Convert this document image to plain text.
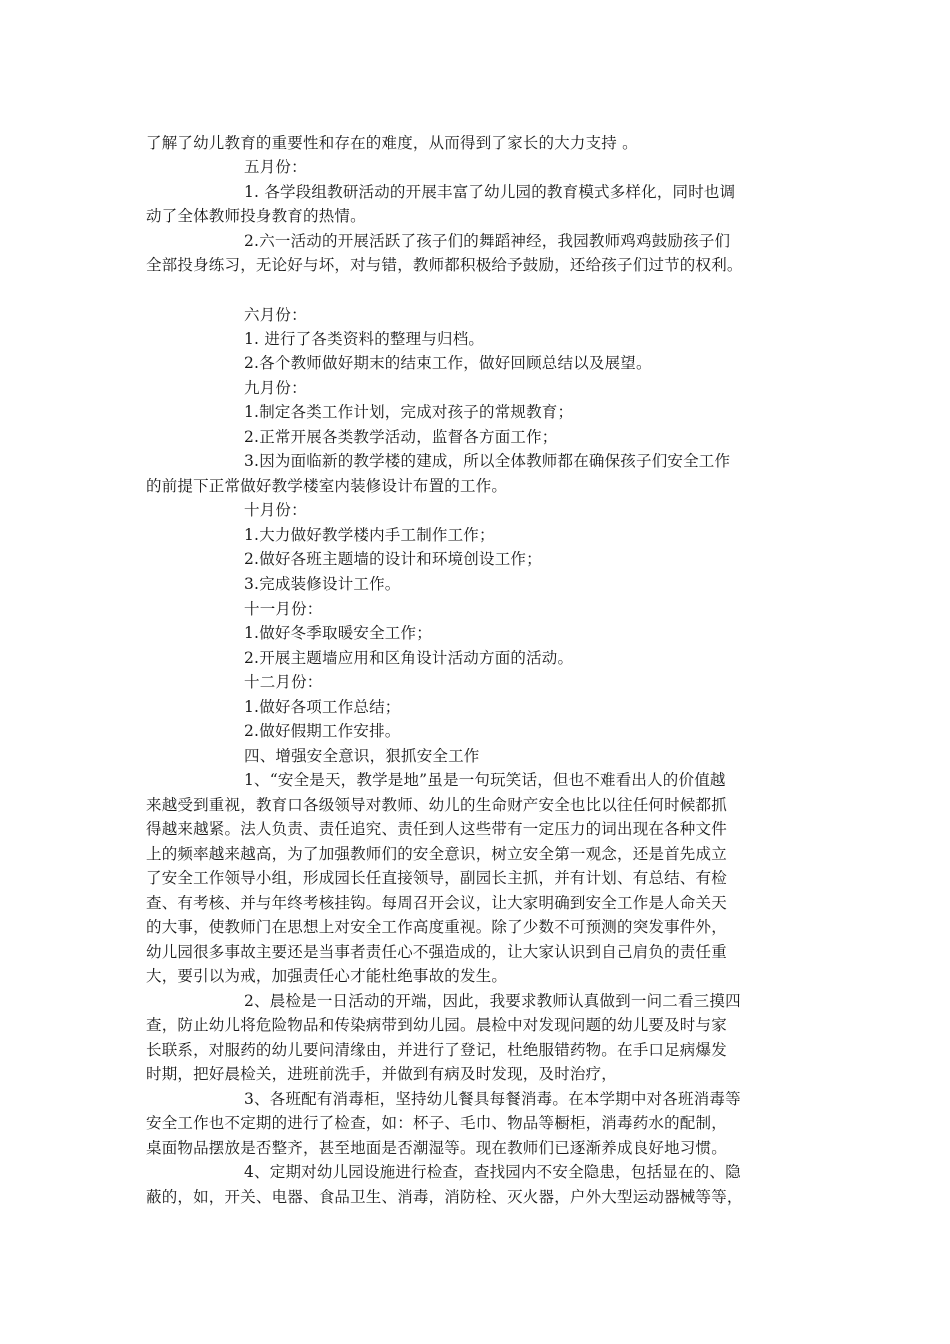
了解了幼儿教育的重要性和存在的难度，从而得到了家长的大力支持 。
五月份：
1. 各学段组教研活动的开展丰富了幼儿园的教育模式多样化，同时也调
动了全体教师投身教育的热情。
2.六一活动的开展活跃了孩子们的舞蹈神经，我园教师鸡鸡鼓励孩子们
全部投身练习，无论好与坏，对与错，教师都积极给予鼓励，还给孩子们过节的权利。
六月份：
1. 进行了各类资料的整理与归档。
2.各个教师做好期末的结束工作，做好回顾总结以及展望。
九月份：
1.制定各类工作计划，完成对孩子的常规教育；
2.正常开展各类教学活动，监督各方面工作；
3.因为面临新的教学楼的建成，所以全体教师都在确保孩子们安全工作
的前提下正常做好教学楼室内装修设计布置的工作。
十月份：
1.大力做好教学楼内手工制作工作；
2.做好各班主题墙的设计和环境创设工作；
3.完成装修设计工作。
十一月份：
1.做好冬季取暖安全工作；
2.开展主题墙应用和区角设计活动方面的活动。
十二月份：
1.做好各项工作总结；
2.做好假期工作安排。
四、增强安全意识，狠抓安全工作
1、“安全是天，教学是地”虽是一句玩笑话，但也不难看出人的价值越
来越受到重视，教育口各级领导对教师、幼儿的生命财产安全也比以往任何时候都抓
得越来越紧。法人负责、责任追究、责任到人这些带有一定压力的词出现在各种文件
上的频率越来越高，为了加强教师们的安全意识，树立安全第一观念，还是首先成立
了安全工作领导小组，形成园长任直接领导，副园长主抓，并有计划、有总结、有检
查、有考核、并与年终考核挂钩。每周召开会议，让大家明确到安全工作是人命关天
的大事，使教师门在思想上对安全工作高度重视。除了少数不可预测的突发事件外，
幼儿园很多事故主要还是当事者责任心不强造成的，让大家认识到自己肩负的责任重
大，要引以为戒，加强责任心才能杜绝事故的发生。
2、晨检是一日活动的开端，因此，我要求教师认真做到一问二看三摸四
查，防止幼儿将危险物品和传染病带到幼儿园。晨检中对发现问题的幼儿要及时与家
长联系，对服药的幼儿要问清缘由，并进行了登记，杜绝服错药物。在手口足病爆发
时期，把好晨检关，进班前洗手，并做到有病及时发现，及时治疗，
3、各班配有消毒柜，坚持幼儿餐具每餐消毒。在本学期中对各班消毒等
安全工作也不定期的进行了检查，如：杯子、毛巾、物品等橱柜，消毒药水的配制，
桌面物品摆放是否整齐，甚至地面是否潮湿等。现在教师们已逐渐养成良好地习惯。
4、定期对幼儿园设施进行检查，查找园内不安全隐患，包括显在的、隐
蔽的，如，开关、电器、食品卫生、消毒，消防栓、灭火器，户外大型运动器械等等，
